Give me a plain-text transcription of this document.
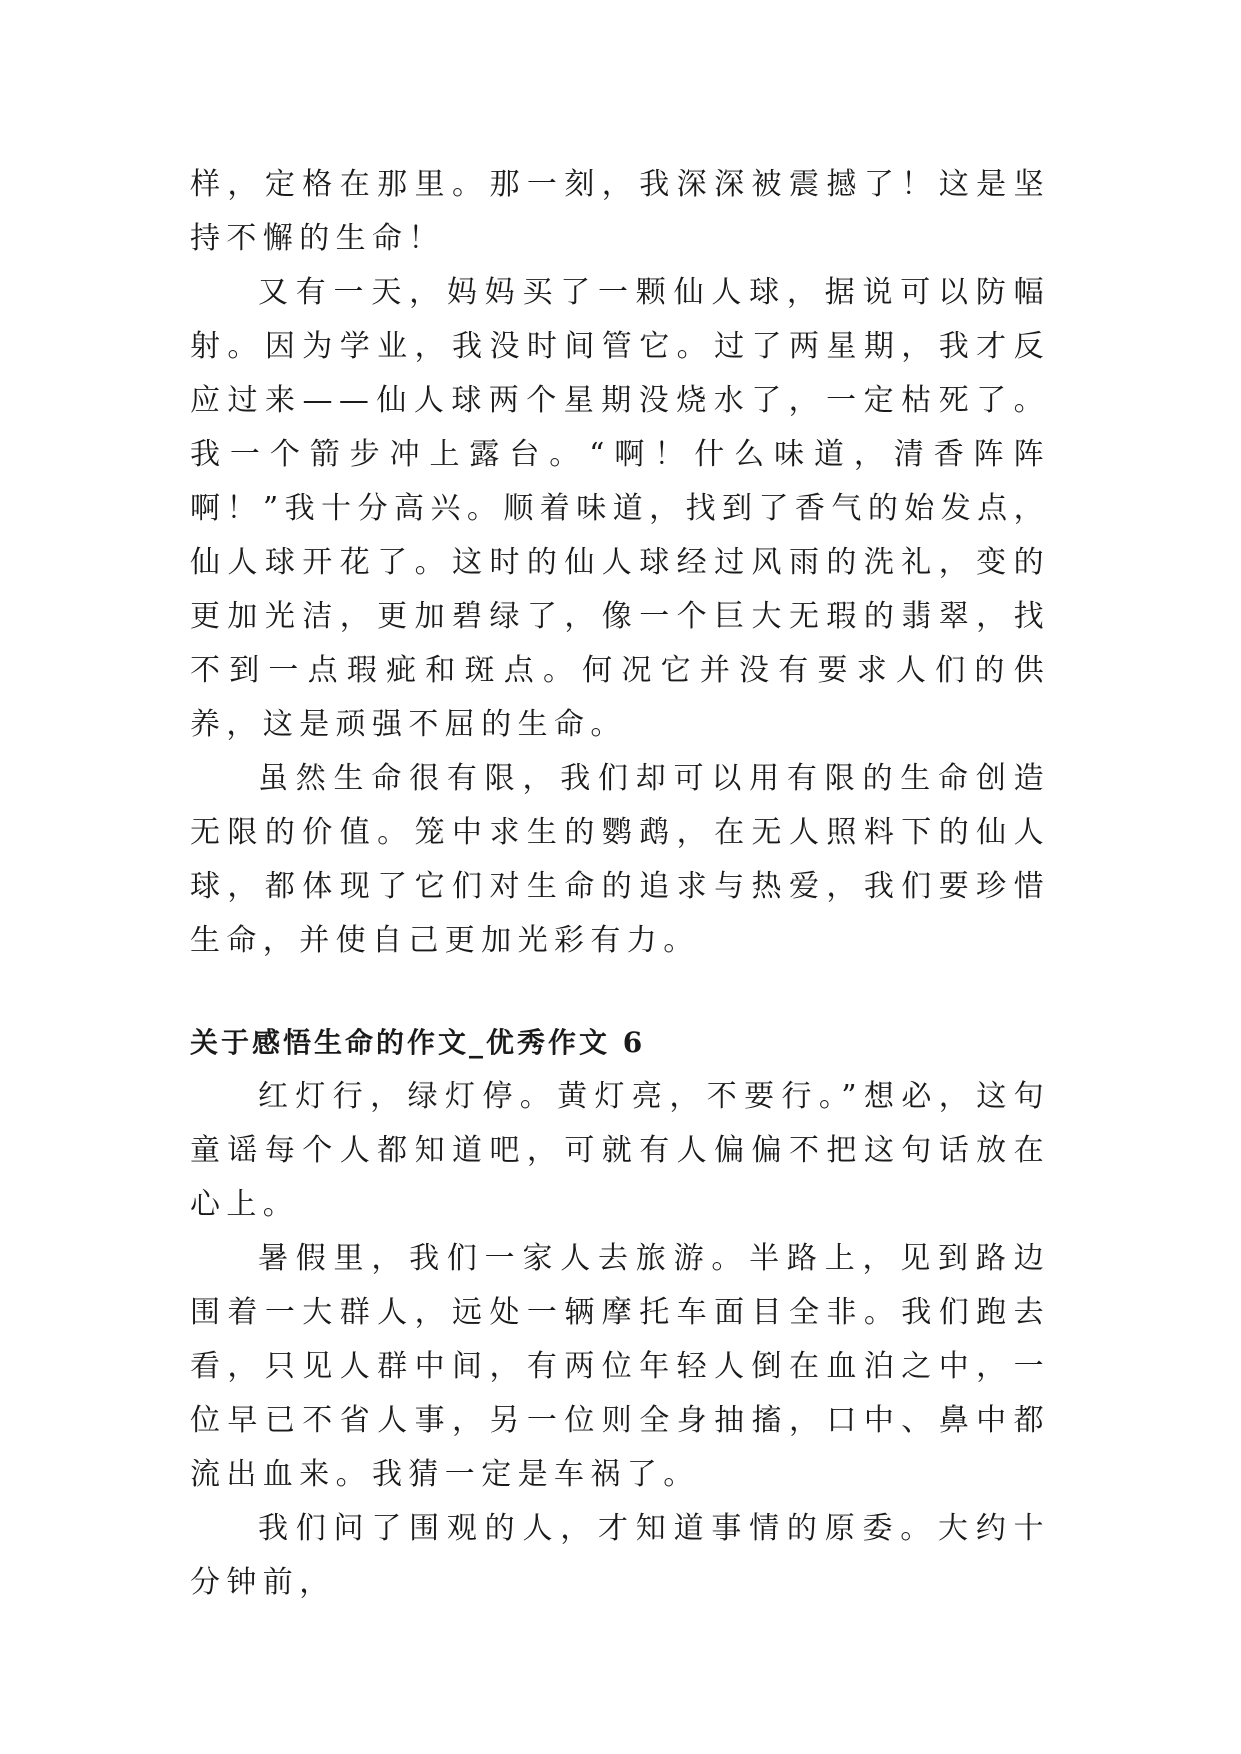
样，定格在那里。那一刻，我深深被震撼了！这是坚持不懈的生命！

又有一天，妈妈买了一颗仙人球，据说可以防幅射。因为学业，我没时间管它。过了两星期，我才反应过来——仙人球两个星期没烧水了，一定枯死了。我一个箭步冲上露台。“啊！什么味道，清香阵阵啊！”我十分高兴。顺着味道，找到了香气的始发点，仙人球开花了。这时的仙人球经过风雨的洗礼，变的更加光洁，更加碧绿了，像一个巨大无瑕的翡翠，找不到一点瑕疵和斑点。何况它并没有要求人们的供养，这是顽强不屈的生命。

虽然生命很有限，我们却可以用有限的生命创造无限的价值。笼中求生的鹦鹉，在无人照料下的仙人球，都体现了它们对生命的追求与热爱，我们要珍惜生命，并使自己更加光彩有力。

关于感悟生命的作文_优秀作文 6

红灯行，绿灯停。黄灯亮，不要行。”想必，这句童谣每个人都知道吧，可就有人偏偏不把这句话放在心上。

暑假里，我们一家人去旅游。半路上，见到路边围着一大群人，远处一辆摩托车面目全非。我们跑去看，只见人群中间，有两位年轻人倒在血泊之中，一位早已不省人事，另一位则全身抽搐，口中、鼻中都流出血来。我猜一定是车祸了。

我们问了围观的人，才知道事情的原委。大约十分钟前，
